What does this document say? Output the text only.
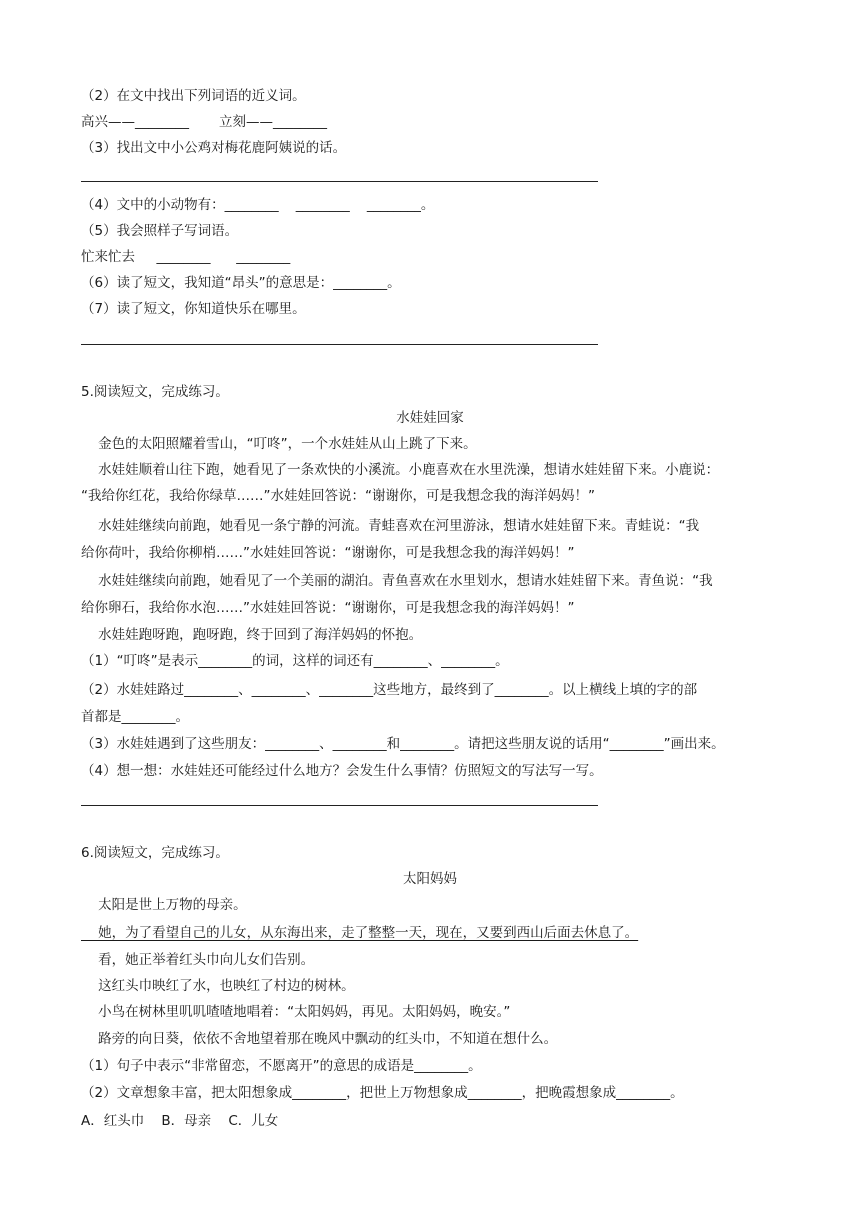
（2）在文中找出下列词语的近义词。
高兴——________       立刻——________
（3）找出文中小公鸡对梅花鹿阿姨说的话。
（4）文中的小动物有：________    ________    ________。
（5）我会照样子写词语。
忙来忙去     ________      ________
（6）读了短文，我知道“昂头”的意思是：________。
（7）读了短文，你知道快乐在哪里。
5.阅读短文，完成练习。
水娃娃回家
金色的太阳照耀着雪山，“叮咚”，一个水娃娃从山上跳了下来。
水娃娃顺着山往下跑，她看见了一条欢快的小溪流。小鹿喜欢在水里洗澡，想请水娃娃留下来。小鹿说：
“我给你红花，我给你绿草……”水娃娃回答说：“谢谢你，可是我想念我的海洋妈妈！”
水娃娃继续向前跑，她看见一条宁静的河流。青蛙喜欢在河里游泳，想请水娃娃留下来。青蛙说：“我
给你荷叶，我给你柳梢……”水娃娃回答说：“谢谢你，可是我想念我的海洋妈妈！”
水娃娃继续向前跑，她看见了一个美丽的湖泊。青鱼喜欢在水里划水，想请水娃娃留下来。青鱼说：“我
给你卵石，我给你水泡……”水娃娃回答说：“谢谢你，可是我想念我的海洋妈妈！”
水娃娃跑呀跑，跑呀跑，终于回到了海洋妈妈的怀抱。
（1）“叮咚”是表示________的词，这样的词还有________、________。
（2）水娃娃路过________、________、________这些地方，最终到了________。以上横线上填的字的部
首都是________。
（3）水娃娃遇到了这些朋友：________、________和________。请把这些朋友说的话用“________”画出来。
（4）想一想：水娃娃还可能经过什么地方？会发生什么事情？仿照短文的写法写一写。
6.阅读短文，完成练习。
太阳妈妈
太阳是世上万物的母亲。
她，为了看望自己的儿女，从东海出来，走了整整一天，现在，又要到西山后面去休息了。
看，她正举着红头巾向儿女们告别。
这红头巾映红了水，也映红了村边的树林。
小鸟在树林里叽叽喳喳地唱着：“太阳妈妈，再见。太阳妈妈，晚安。”
路旁的向日葵，依依不舍地望着那在晚风中飘动的红头巾，不知道在想什么。
（1）句子中表示“非常留恋，不愿离开”的意思的成语是________。
（2）文章想象丰富，把太阳想象成________，把世上万物想象成________，把晚霞想象成________。
A．红头巾    B．母亲    C．儿女
